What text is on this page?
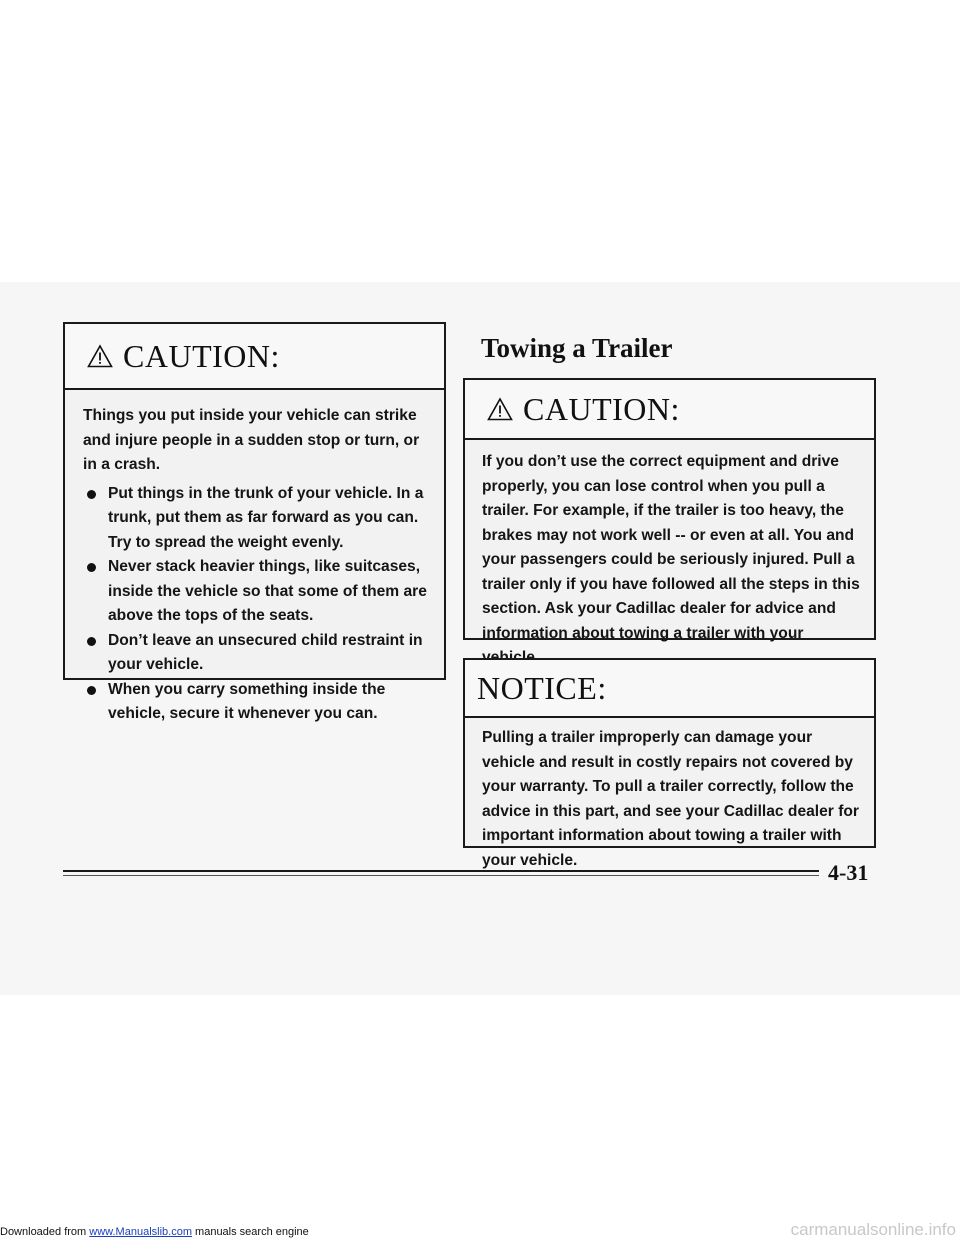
CAUTION:

Things you put inside your vehicle can strike and injure people in a sudden stop or turn, or in a crash.

Put things in the trunk of your vehicle. In a trunk, put them as far forward as you can. Try to spread the weight evenly.
Never stack heavier things, like suitcases, inside the vehicle so that some of them are above the tops of the seats.
Don’t leave an unsecured child restraint in your vehicle.
When you carry something inside the vehicle, secure it whenever you can.
Towing a Trailer
CAUTION:

If you don’t use the correct equipment and drive properly, you can lose control when you pull a trailer. For example, if the trailer is too heavy, the brakes may not work well -- or even at all. You and your passengers could be seriously injured. Pull a trailer only if you have followed all the steps in this section. Ask your Cadillac dealer for advice and information about towing a trailer with your

NOTICE:

Pulling a trailer improperly can damage your vehicle and result in costly repairs not covered by your warranty. To pull a trailer correctly, follow the advice in this part, and see your Cadillac dealer for important information about towing a trailer with your vehicle.	4-31
Downloaded from www.Manualslib.com manuals search engine	carmanualsonline.info
